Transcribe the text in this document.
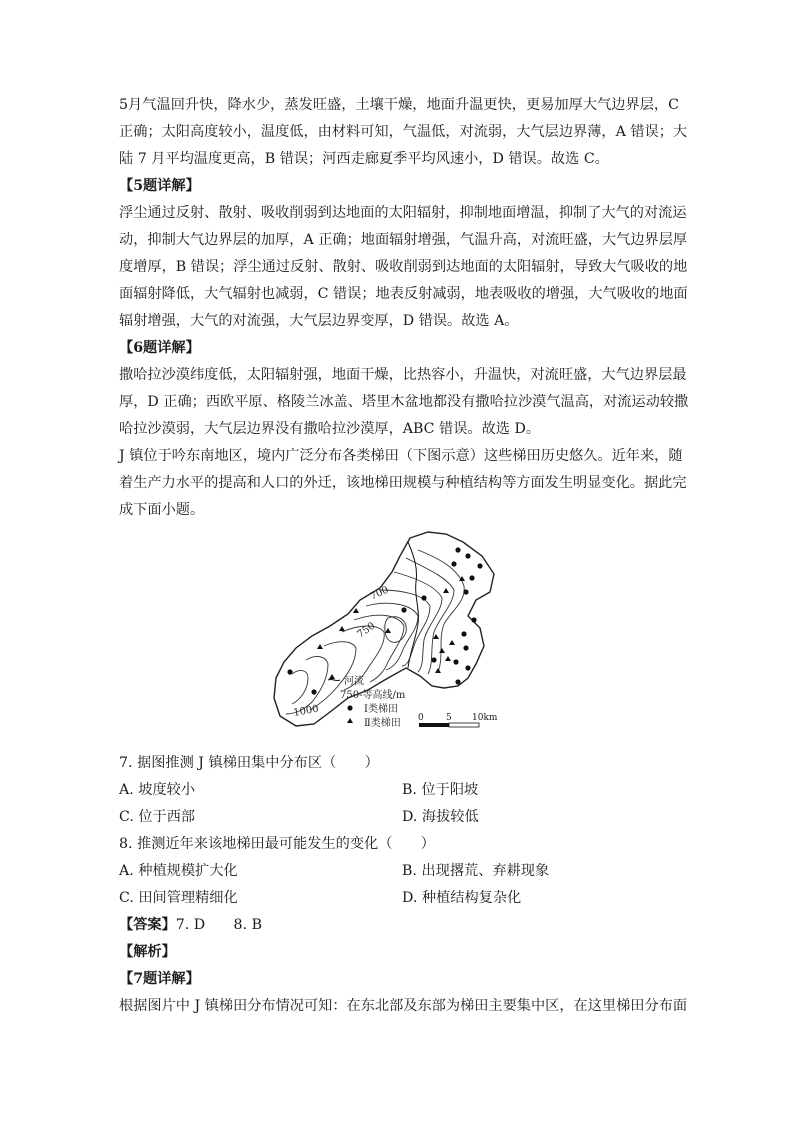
5月气温回升快，降水少，蒸发旺盛，土壤干燥，地面升温更快，更易加厚大气边界层，C
正确；太阳高度较小，温度低，由材料可知，气温低，对流弱，大气层边界薄，A 错误；大
陆 7 月平均温度更高，B 错误；河西走廊夏季平均风速小，D 错误。故选 C。
【5题详解】
浮尘通过反射、散射、吸收削弱到达地面的太阳辐射，抑制地面增温，抑制了大气的对流运
动，抑制大气边界层的加厚，A 正确；地面辐射增强，气温升高，对流旺盛，大气边界层厚
度增厚，B 错误；浮尘通过反射、散射、吸收削弱到达地面的太阳辐射，导致大气吸收的地
面辐射降低，大气辐射也减弱，C 错误；地表反射减弱，地表吸收的增强，大气吸收的地面
辐射增强，大气的对流强，大气层边界变厚，D 错误。故选 A。
【6题详解】
撒哈拉沙漠纬度低，太阳辐射强，地面干燥，比热容小，升温快，对流旺盛，大气边界层最
厚，D 正确；西欧平原、格陵兰冰盖、塔里木盆地都没有撒哈拉沙漠气温高，对流运动较撒
哈拉沙漠弱，大气层边界没有撒哈拉沙漠厚，ABC 错误。故选 D。
J 镇位于吟东南地区，境内广泛分布各类梯田（下图示意）这些梯田历史悠久。近年来，随
着生产力水平的提高和人口的外迁，该地梯田规模与种植结构等方面发生明显变化。据此完
成下面小题。
700
750
1000
河流
750-等高线/m
Ⅰ类梯田
Ⅱ类梯田 0 5 10km
7. 据图推测 J 镇梯田集中分布区（　　）
A. 坡度较小	B. 位于阳坡
C. 位于西部	D. 海拔较低
8. 推测近年来该地梯田最可能发生的变化（　　）
A. 种植规模扩大化	B. 出现撂荒、弃耕现象
C. 田间管理精细化	D. 种植结构复杂化
【答案】7. D　　8. B
【解析】
【7题详解】
根据图片中 J 镇梯田分布情况可知：在东北部及东部为梯田主要集中区，在这里梯田分布面
